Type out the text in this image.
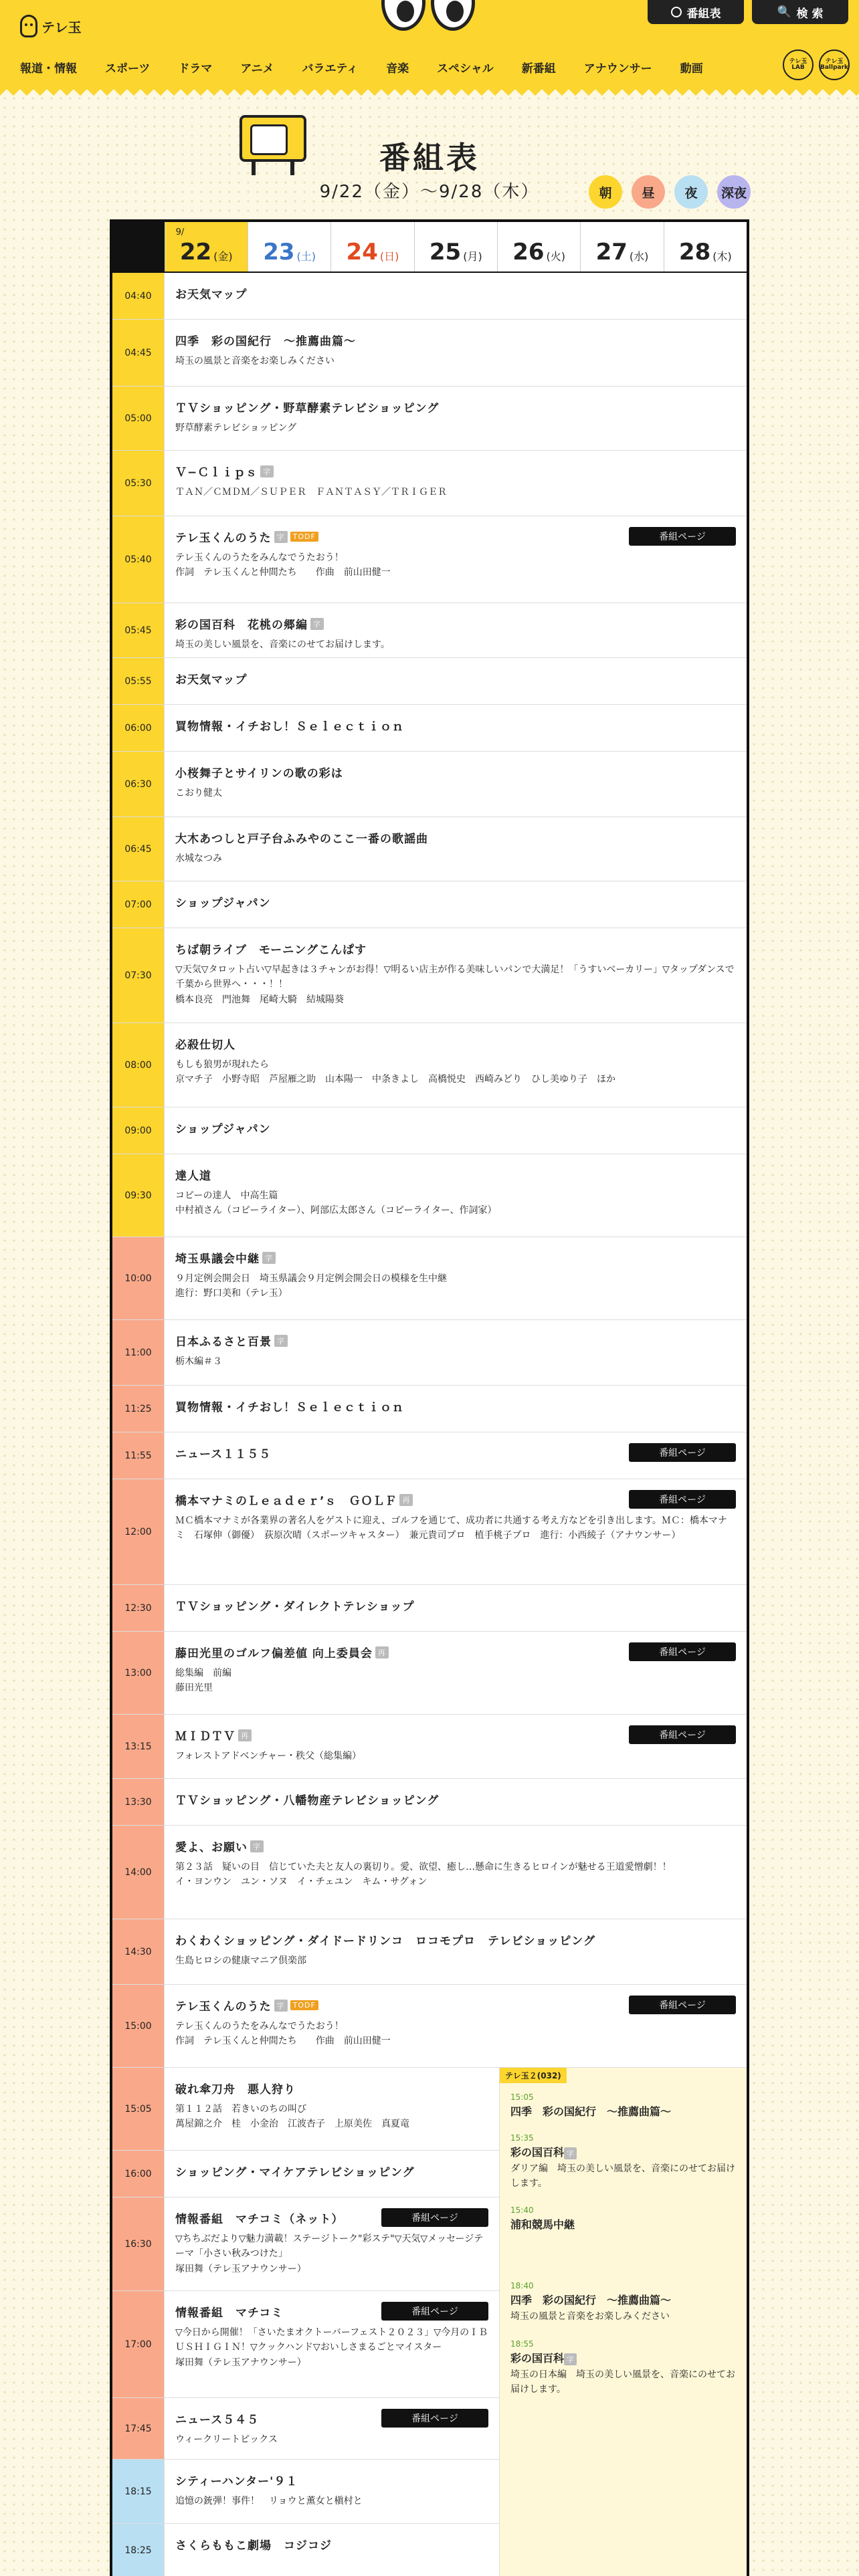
テレ玉
番組表	🔍 検 索
報道・情報 スポーツ ドラマ アニメ バラエティ 音楽 スペシャル 新番組 アナウンサー 動画
テレ玉LAB
テレ玉Ballpark
番組表
9/22（金）〜9/28（木）	朝	昼	夜	深夜
9/
22 (金) 23 (土) 24 (日) 25 (月) 26 (火) 27 (水) 28 (木)
04:40	お天気マップ
04:45
四季　彩の国紀行　〜推薦曲篇〜
埼玉の風景と音楽をお楽しみください
05:00
ＴＶショッピング・野草酵素テレビショッピング
野草酵素テレビショッピング
05:30
Ｖ−Ｃｌｉｐｓ 字
ＴＡＮ／ＣＭＤＭ／ＳＵＰＥＲ　ＦＡＮＴＡＳＹ／ＴＲＩＧＥＲ
05:40
テレ玉くんのうた 字	TODF
テレ玉くんのうたをみんなでうたおう！
作詞　テレ玉くんと仲間たち　　作曲　前山田健一
番組ページ
05:45	彩の国百科　花桃の郷編 字
埼玉の美しい風景を、音楽にのせてお届けします。
05:55	お天気マップ
06:00	買物情報・イチおし！Ｓｅｌｅｃｔｉｏｎ
06:30
小桜舞子とサイリンの歌の彩は
こおり健太
06:45
大木あつしと戸子台ふみやのここ一番の歌謡曲
水城なつみ
07:00	ショップジャパン
07:30
ちば朝ライブ　モーニングこんぱす
▽天気▽タロット占い▽早起きは３チャンがお得！▽明るい店主が作る美味しいパンで大満足！「うすいベーカリー」▽タップダンスで千葉から世界へ・・・！！
橋本良亮　門池舞　尾崎大騎　結城陽葵
08:00
必殺仕切人
もしも狼男が現れたら
京マチ子　小野寺昭　芦屋雁之助　山本陽一　中条きよし　高橋悦史　西崎みどり　ひし美ゆり子　ほか
09:00	ショップジャパン
09:30
達人道
コピーの達人　中高生篇
中村禎さん（コピーライター）、阿部広太郎さん（コピーライター、作詞家）
10:00
埼玉県議会中継 字
９月定例会開会日　埼玉県議会９月定例会開会日の模様を生中継
進行：野口美和（テレ玉）
11:00
日本ふるさと百景 字
栃木編＃３
11:25	買物情報・イチおし！Ｓｅｌｅｃｔｉｏｎ
11:55	ニュース１１５５	番組ページ
12:00
橋本マナミのＬｅａｄｅｒ’ｓ　ＧＯＬＦ 再
ＭＣ橋本マナミが各業界の著名人をゲストに迎え、ゴルフを通じて、成功者に共通する考え方などを引き出します。ＭＣ：橋本マナミ　石塚伸（御優）　荻原次晴（スポーツキャスター）　兼元貴司プロ　植手桃子プロ　進行：小西綾子（アナウンサー）
番組ページ
12:30	ＴＶショッピング・ダイレクトテレショップ
13:00
藤田光里のゴルフ偏差値 向上委員会 再
総集編　前編
藤田光里
番組ページ
13:15
ＭＩＤＴＶ 再
フォレストアドベンチャー・秩父（総集編）
番組ページ
13:30	ＴＶショッピング・八幡物産テレビショッピング
14:00
愛よ、お願い 字
第２３話　疑いの目　信じていた夫と友人の裏切り。愛、欲望、癒し…懸命に生きるヒロインが魅せる王道愛憎劇！！
イ・ヨンウン　ユン・ソヌ　イ・チェユン　キム・サグォン
14:30
わくわくショッピング・ダイドードリンコ　ロコモプロ　テレビショッピング
生島ヒロシの健康マニア倶楽部
15:00
テレ玉くんのうた 字	TODF
テレ玉くんのうたをみんなでうたおう！
作詞　テレ玉くんと仲間たち　　作曲　前山田健一
番組ページ
15:05
破れ傘刀舟　悪人狩り
第１１２話　若きいのちの叫び
萬屋錦之介　桂　小金治　江波杏子　上原美佐　真夏竜
16:00	ショッピング・マイケアテレビショッピング
16:30
情報番組　マチコミ（ネット）
▽ちちぶだより▽魅力満載！ステージトーク"彩ステ"▽天気▽メッセージテーマ「小さい秋みつけた」
塚田舞（テレ玉アナウンサー）
番組ページ
17:00
情報番組　マチコミ
▽今日から開催！「さいたまオクトーバーフェスト２０２３」▽今月のＩＢＵＳＨＩＧＩＮ！▽クックハンド▽おいしさまるごとマイスター
塚田舞（テレ玉アナウンサー）
番組ページ
17:45
ニュース５４５
ウィークリートピックス
番組ページ
18:15
シティーハンター'９１
追憶の銃弾！事件！　リョウと薫女と槇村と
18:25	さくらももこ劇場　コジコジ
テレ玉２(032)
15:05
四季　彩の国紀行　〜推薦曲篇〜
15:35
彩の国百科 字
ダリア編　埼玉の美しい風景を、音楽にのせてお届けします。
15:40
浦和競馬中継
18:40
四季　彩の国紀行　〜推薦曲篇〜
埼玉の風景と音楽をお楽しみください
18:55
彩の国百科 字
埼玉の日本編　埼玉の美しい風景を、音楽にのせてお届けします。
